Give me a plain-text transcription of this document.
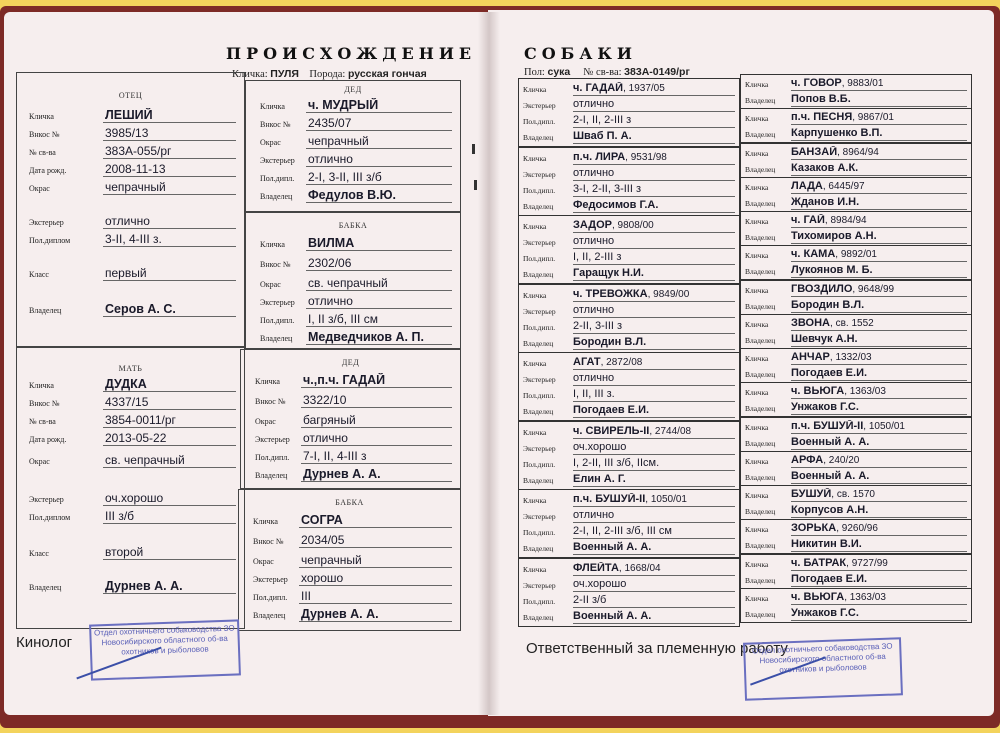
ПРОИСХОЖДЕНИЕ
Кличка: ПУЛЯ Порода: русская гончая
ОТЕЦ
Кличка	ЛЕШИЙ
Внкос №	3985/13
№ св-ва	383А-055/рг
Дата рожд.	2008-11-13
Окрас	чепрачный
Экстерьер	отлично
Пол.диплом	3-II, 4-III з.
Класс	первый
Владелец	Серов А. С.
МАТЬ
Кличка	ДУДКА
Внкос №	4337/15
№ св-ва	3854-0011/рг
Дата рожд.	2013-05-22
Окрас	св. чепрачный
Экстерьер	оч.хорошо
Пол.диплом	III з/б
Класс	второй
Владелец	Дурнев А. А.
ДЕД
Кличка ч. МУДРЫЙ
Внкос № 2435/07
Окрас чепрачный
Экстерьер отлично
Пол.дипл. 2-I, 3-II, III з/б
Владелец Федулов В.Ю.
БАБКА
Кличка ВИЛМА
Внкос № 2302/06
Окрас св. чепрачный
Экстерьер отлично
Пол.дипл. I, II з/б, III см
Владелец Медведчиков А. П.
ДЕД
Кличка ч.,п.ч. ГАДАЙ
Внкос № 3322/10
Окрас багряный
Экстерьер отлично
Пол.дипл. 7-I, II, 4-III з
Владелец Дурнев А. А.
БАБКА
Кличка СОГРА
Внкос № 2034/05
Окрас чепрачный
Экстерьер хорошо
Пол.дипл. III
Владелец Дурнев А. А.
Кинолог
Отдел охотничьего собаководства ЗО Новосибирского областного об-ва охотников и рыболовов
СОБАКИ
Пол: сука № св-ва: 383А-0149/рг
Кличка ч. ГАДАЙ, 1937/05
Экстерьер отлично
Пол.дипл. 2-I, II, 2-III з
Владелец Шваб П. А.
Кличка п.ч. ЛИРА, 9531/98
Экстерьер отлично
Пол.дипл. 3-I, 2-II, 3-III з
Владелец Федосимов Г.А.
Кличка ЗАДОР, 9808/00
Экстерьер отлично
Пол.дипл. I, II, 2-III з
Владелец Гаращук Н.И.
Кличка ч. ТРЕВОЖКА, 9849/00
Экстерьер отлично
Пол.дипл. 2-II, 3-III з
Владелец Бородин В.Л.
Кличка АГАТ, 2872/08
Экстерьер отлично
Пол.дипл. I, II, III з.
Владелец Погодаев Е.И.
Кличка ч. СВИРЕЛЬ-II, 2744/08
Экстерьер оч.хорошо
Пол.дипл. I, 2-II, III з/б, IIсм.
Владелец Елин А. Г.
Кличка п.ч. БУШУЙ-II, 1050/01
Экстерьер отлично
Пол.дипл. 2-I, II, 2-III з/б, III см
Владелец Военный А. А.
Кличка ФЛЕЙТА, 1668/04
Экстерьер оч.хорошо
Пол.дипл. 2-II з/б
Владелец Военный А. А.
Кличка ч. ГОВОР, 9883/01
Владелец Попов В.Б.
Кличка п.ч. ПЕСНЯ, 9867/01
Владелец Карпушенко В.П.
Кличка БАНЗАЙ, 8964/94
Владелец Казаков А.К.
Кличка ЛАДА, 6445/97
Владелец Жданов И.Н.
Кличка ч. ГАЙ, 8984/94
Владелец Тихомиров А.Н.
Кличка ч. КАМА, 9892/01
Владелец Лукоянов М. Б.
Кличка ГВОЗДИЛО, 9648/99
Владелец Бородин В.Л.
Кличка ЗВОНА, св. 1552
Владелец Шевчук А.Н.
Кличка АНЧАР, 1332/03
Владелец Погодаев Е.И.
Кличка ч. ВЬЮГА, 1363/03
Владелец Унжаков Г.С.
Кличка п.ч. БУШУЙ-II, 1050/01
Владелец Военный А. А.
Кличка АРФА, 240/20
Владелец Военный А. А.
Кличка БУШУЙ, св. 1570
Владелец Корпусов А.Н.
Кличка ЗОРЬКА, 9260/96
Владелец Никитин В.И.
Кличка ч. БАТРАК, 9727/99
Владелец Погодаев Е.И.
Кличка ч. ВЬЮГА, 1363/03
Владелец Унжаков Г.С.
Ответственный за племенную работу
Отдел охотничьего собаководства ЗО Новосибирского областного об-ва охотников и рыболовов
